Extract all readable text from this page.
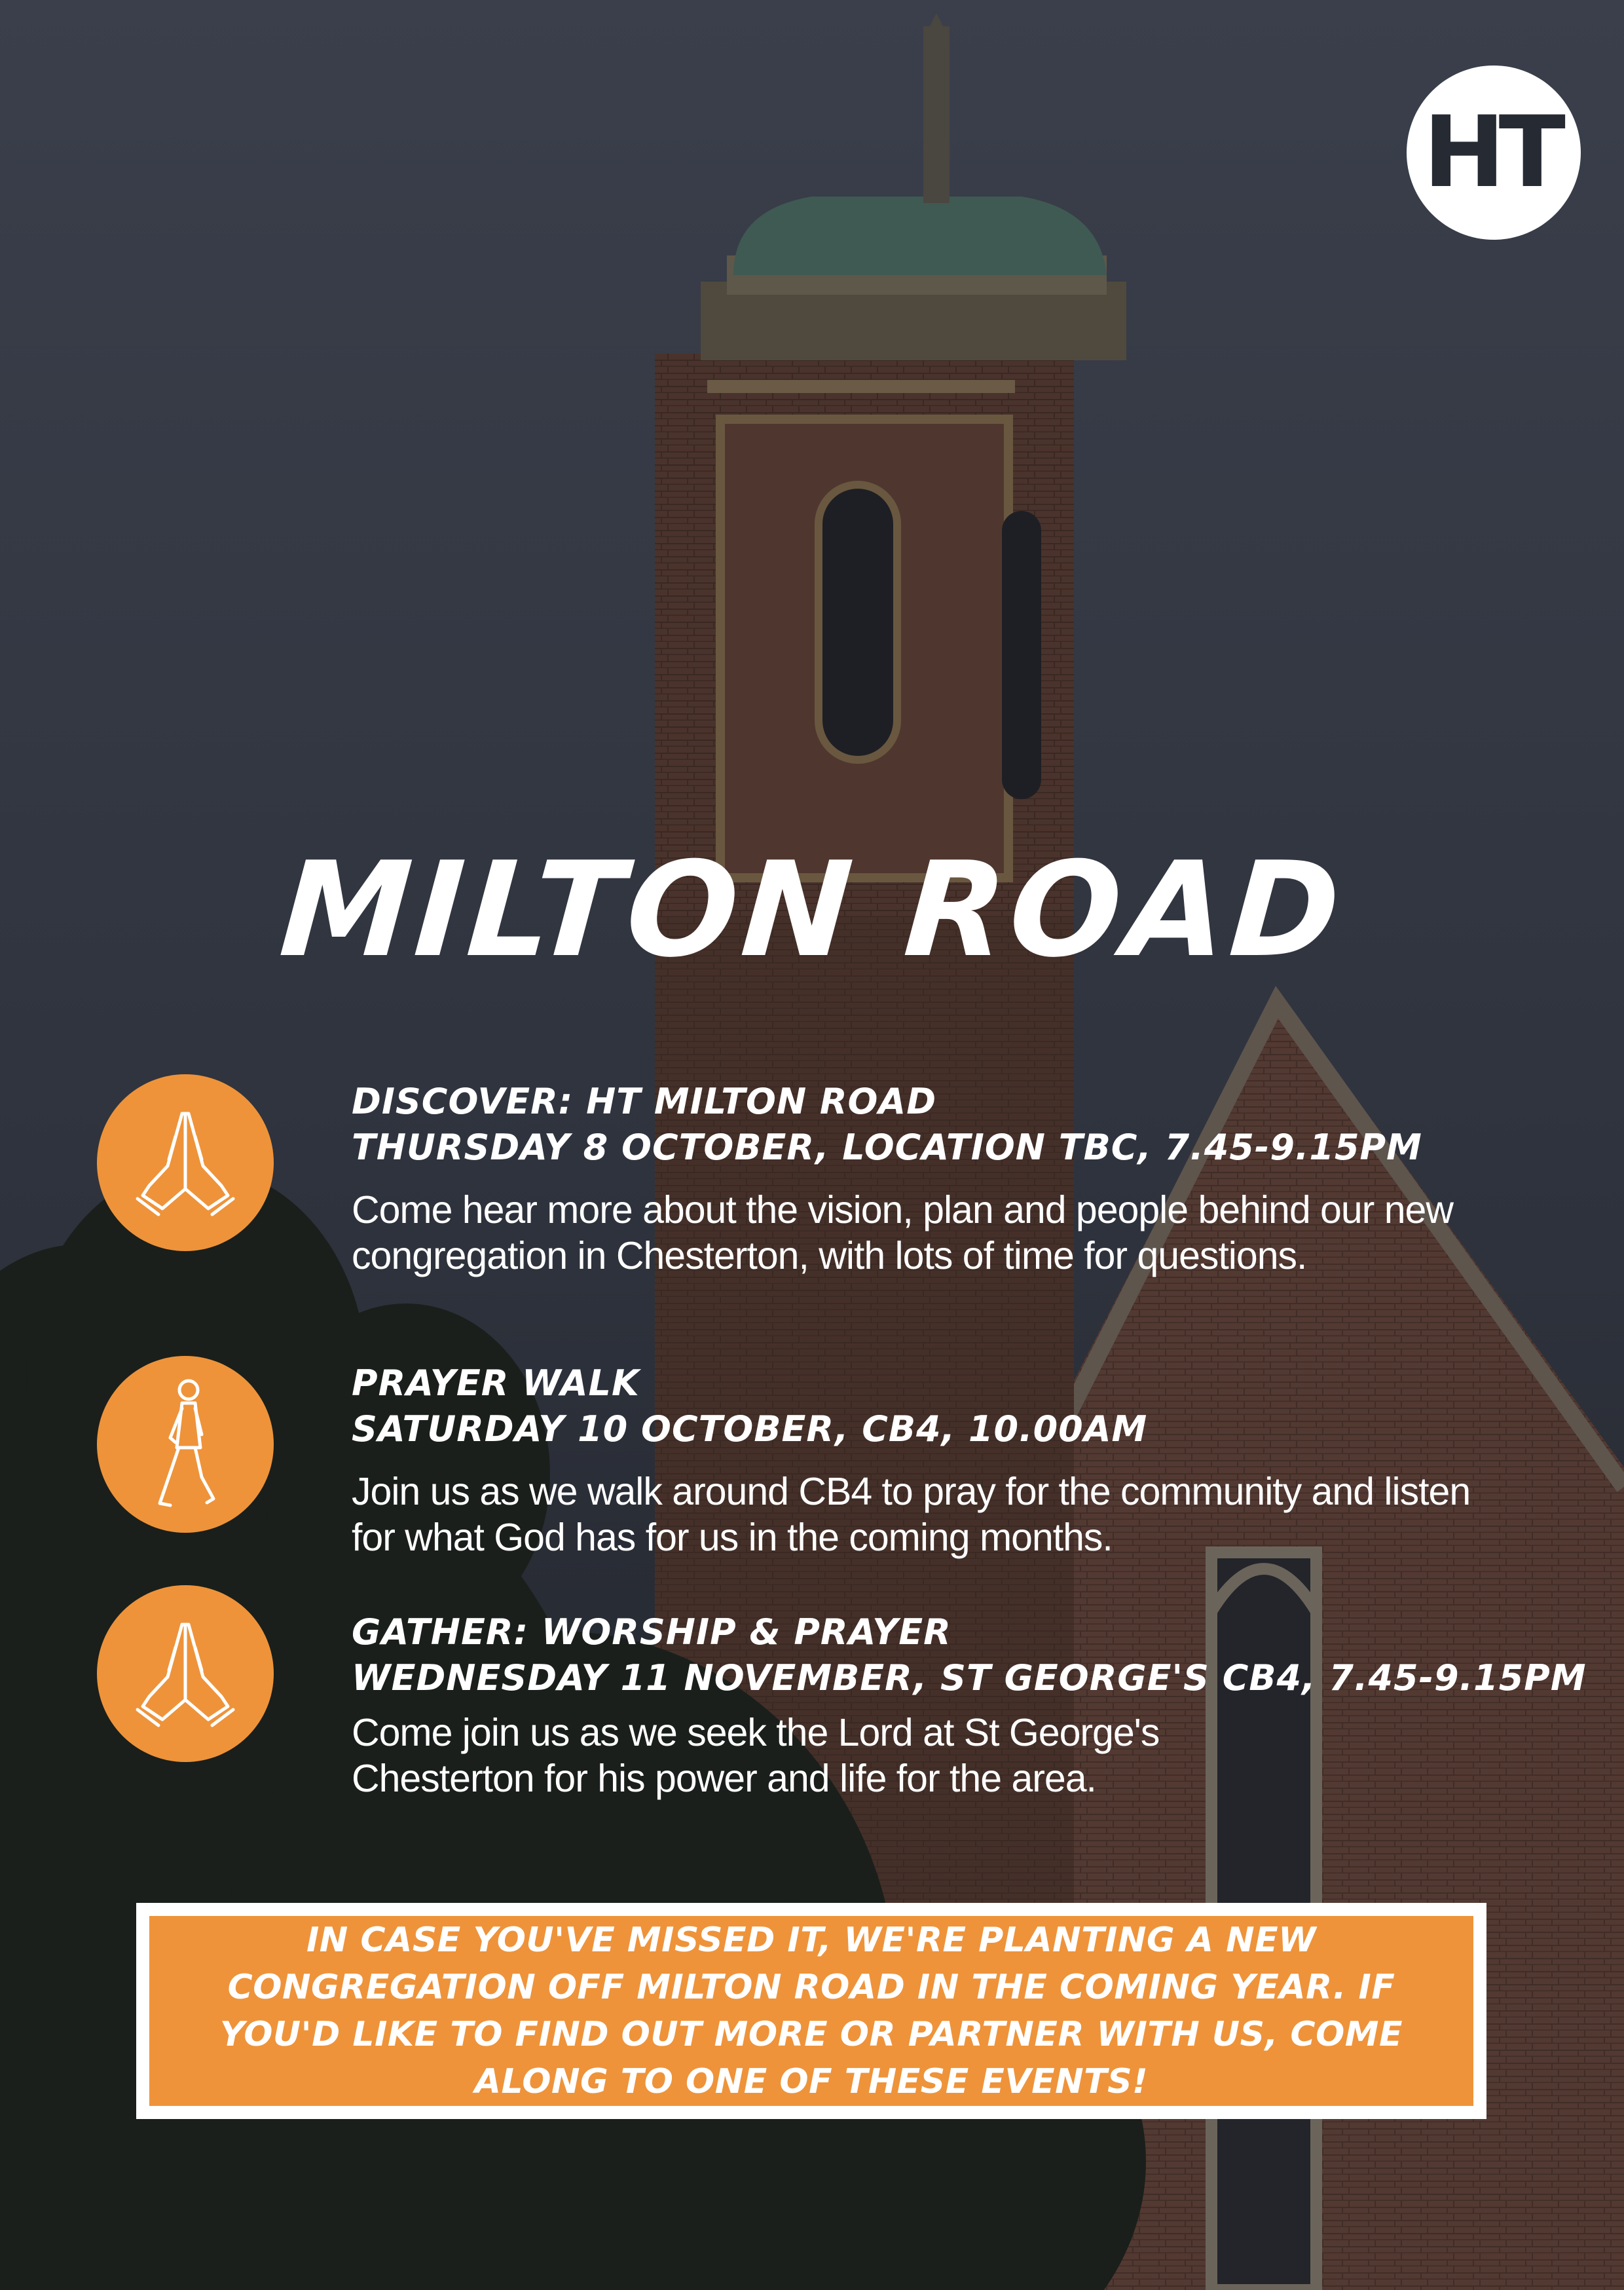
HT
MILTON ROAD
DISCOVER: HT MILTON ROAD
THURSDAY 8 OCTOBER, LOCATION TBC, 7.45-9.15PM
Come hear more about the vision, plan and people behind our new congregation in Chesterton, with lots of time for questions.
PRAYER WALK
SATURDAY 10 OCTOBER, CB4, 10.00AM
Join us as we walk around CB4 to pray for the community and listen for what God has for us in the coming months.
GATHER: WORSHIP & PRAYER
WEDNESDAY 11 NOVEMBER, ST GEORGE'S CB4, 7.45-9.15PM
Come join us as we seek the Lord at St George's Chesterton for his power and life for the area.
IN CASE YOU'VE MISSED IT, WE'RE PLANTING A NEW CONGREGATION OFF MILTON ROAD IN THE COMING YEAR. IF YOU'D LIKE TO FIND OUT MORE OR PARTNER WITH US, COME ALONG TO ONE OF THESE EVENTS!
